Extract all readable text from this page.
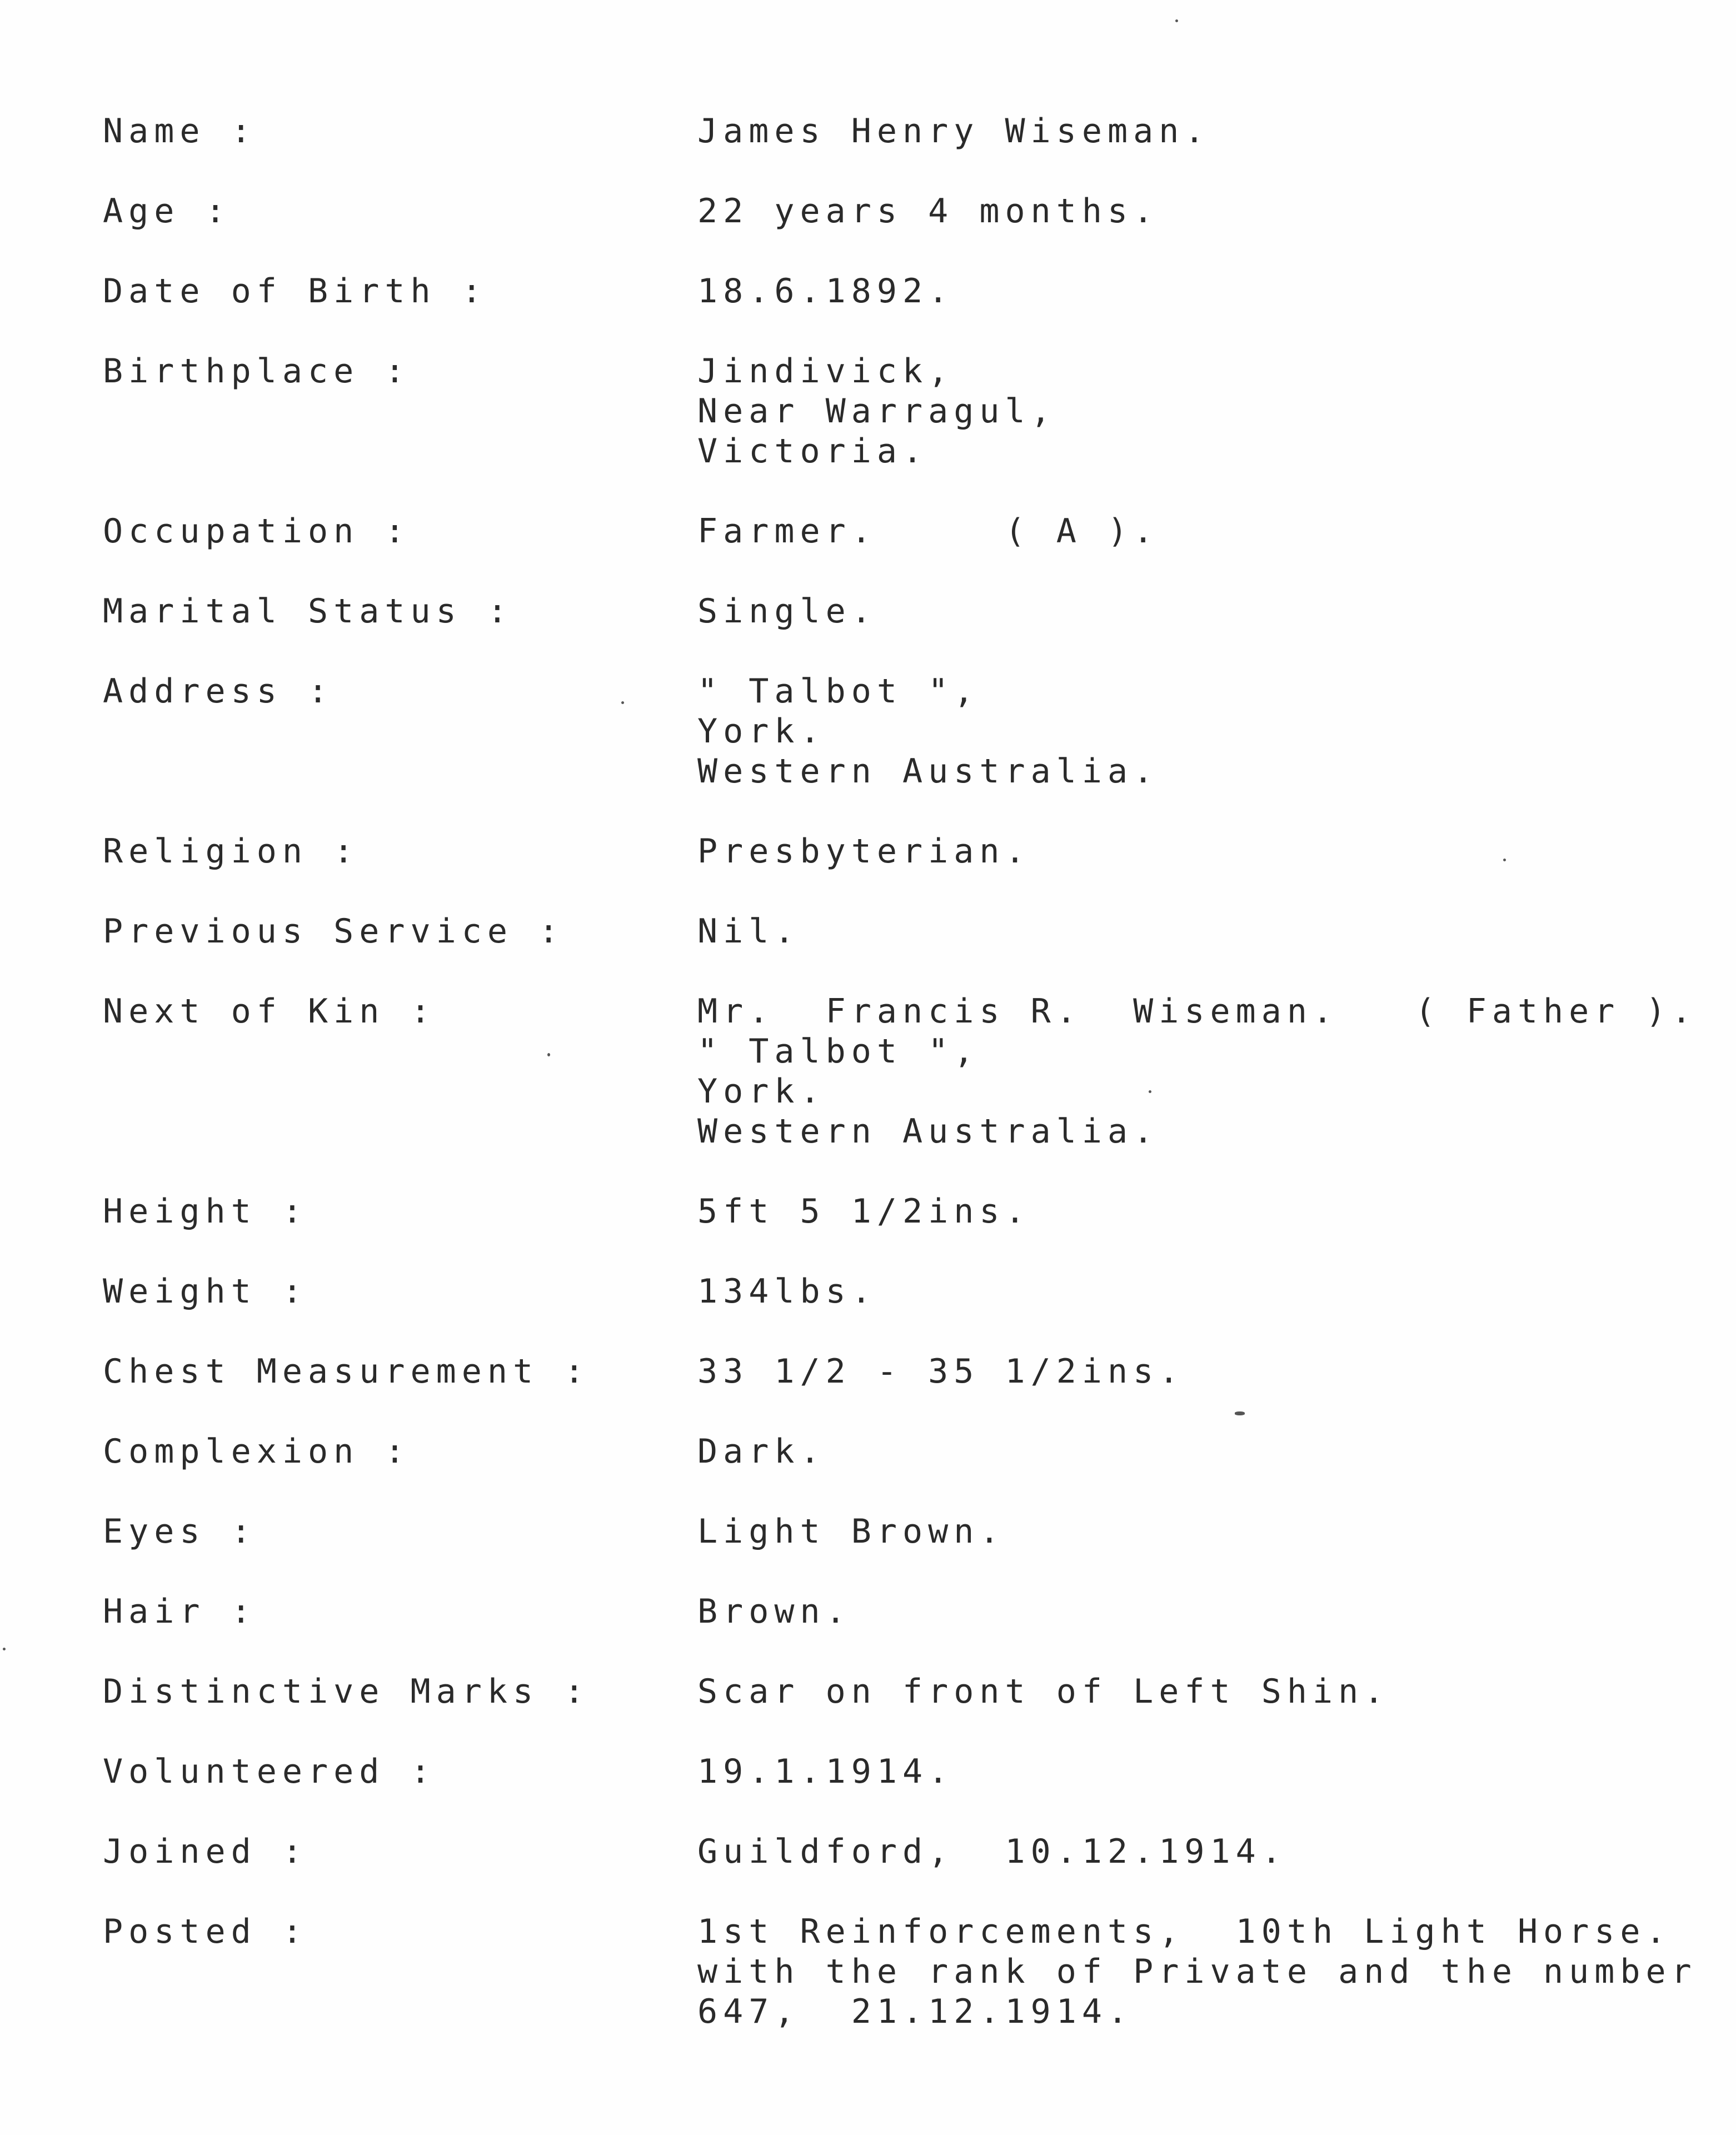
Name :	James Henry Wiseman.
Age :	22 years 4 months.
Date of Birth :	18.6.1892.
Birthplace :	Jindivick,
Near Warragul,
Victoria.
Occupation :	Farmer.     ( A ).
Marital Status :	Single.
Address :	" Talbot ",
York.
Western Australia.
Religion :	Presbyterian.
Previous Service :	Nil.
Next of Kin :	Mr.  Francis R.  Wiseman.   ( Father ).
" Talbot ",
York.
Western Australia.
Height :	5ft 5 1/2ins.
Weight :	134lbs.
Chest Measurement :	33 1/2 - 35 1/2ins.
Complexion :	Dark.
Eyes :	Light Brown.
Hair :	Brown.
Distinctive Marks :	Scar on front of Left Shin.
Volunteered :	19.1.1914.
Joined :	Guildford,  10.12.1914.
Posted :	1st Reinforcements,  10th Light Horse.
with the rank of Private and the number
647,  21.12.1914.
